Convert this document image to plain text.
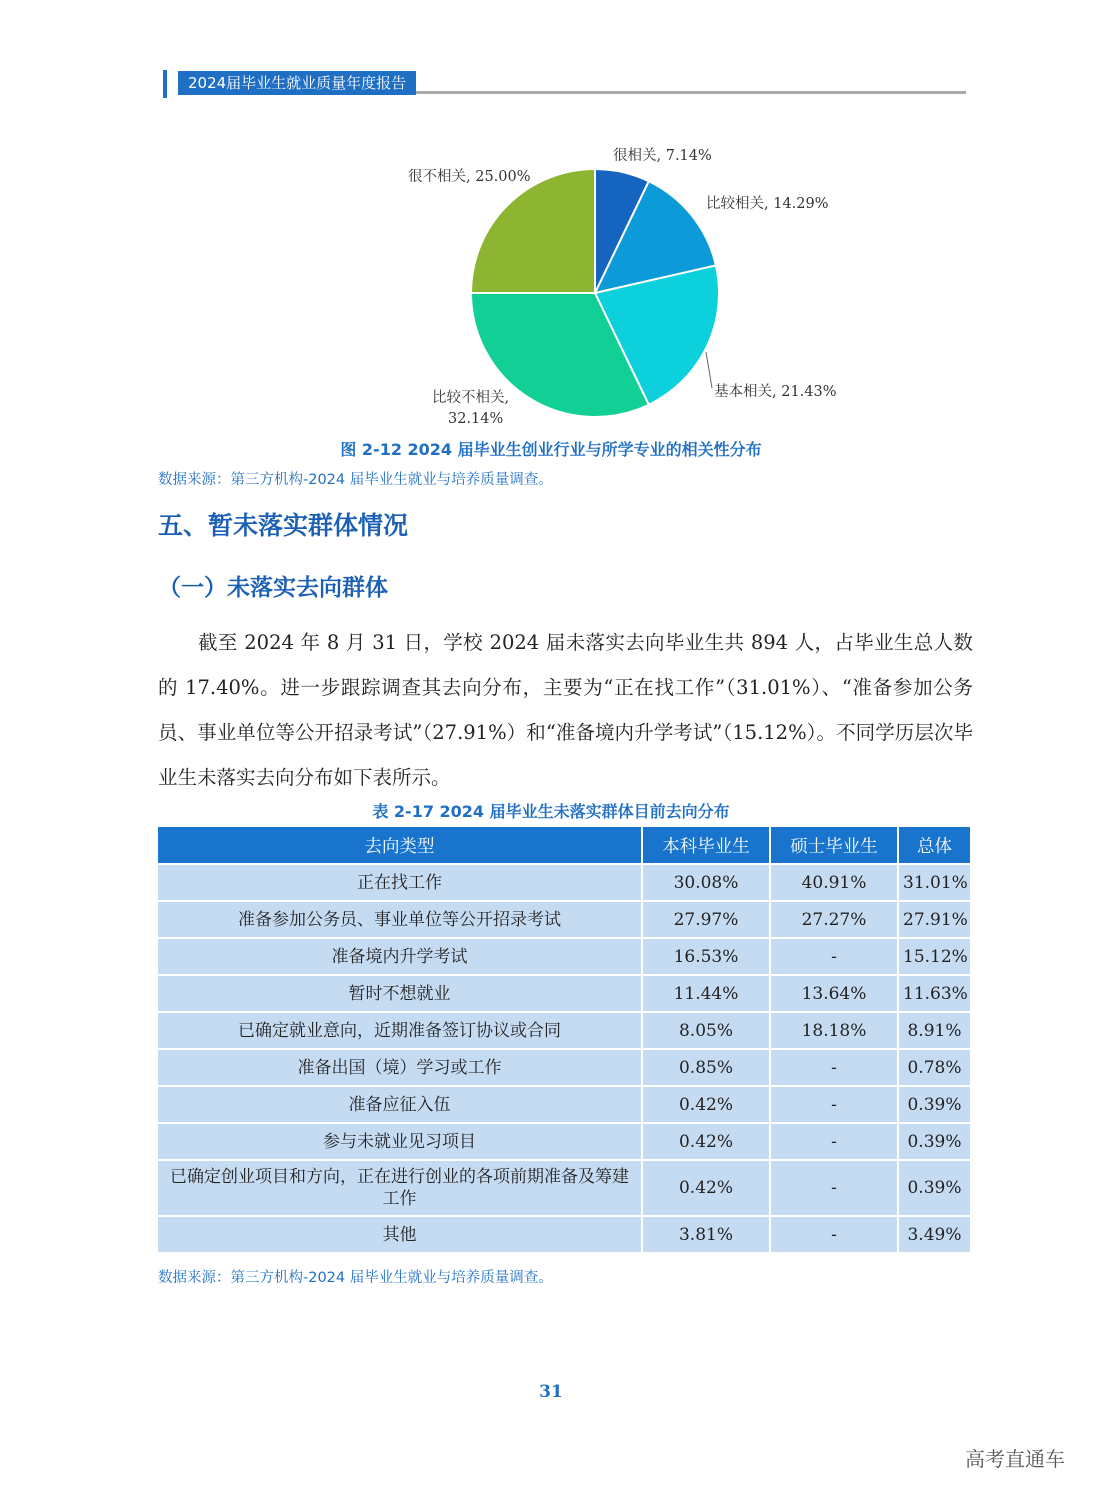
2024届毕业生就业质量年度报告
很相关, 7.14%
比较相关, 14.29%
基本相关, 21.43%
比较不相关,
32.14%
很不相关, 25.00%
图 2-12 2024 届毕业生创业行业与所学专业的相关性分布
数据来源：第三方机构-2024 届毕业生就业与培养质量调查。
五、暂未落实群体情况
（一）未落实去向群体
截至 2024 年 8 月 31 日，学校 2024 届未落实去向毕业生共 894 人，占毕业生总人数的 17.40%。进一步跟踪调查其去向分布，主要为“正在找工作”（31.01%）、“准备参加公务员、事业单位等公开招录考试”（27.91%）和“准备境内升学考试”（15.12%）。不同学历层次毕业生未落实去向分布如下表所示。
表 2-17 2024 届毕业生未落实群体目前去向分布
去向类型	本科毕业生	硕士毕业生	总体
正在找工作	30.08%	40.91%	31.01%
准备参加公务员、事业单位等公开招录考试	27.97%	27.27%	27.91%
准备境内升学考试	16.53%	-	15.12%
暂时不想就业	11.44%	13.64%	11.63%
已确定就业意向，近期准备签订协议或合同	8.05%	18.18%	8.91%
准备出国（境）学习或工作	0.85%	-	0.78%
准备应征入伍	0.42%	-	0.39%
参与未就业见习项目	0.42%	-	0.39%
已确定创业项目和方向，正在进行创业的各项前期准备及筹建工作	0.42%	-	0.39%
其他	3.81%	-	3.49%
数据来源：第三方机构-2024 届毕业生就业与培养质量调查。
31
高考直通车
